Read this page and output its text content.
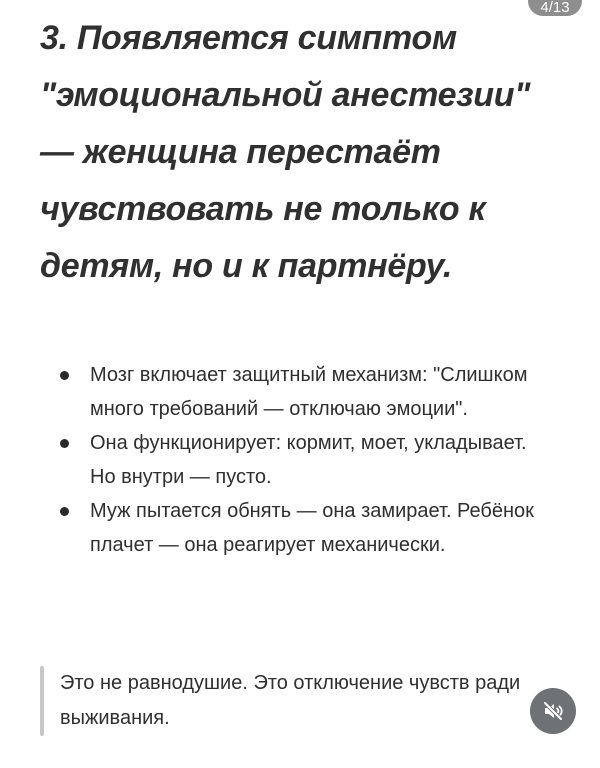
4/13
3. Появляется симптом "эмоциональной анестезии" — женщина перестаёт чувствовать не только к детям, но и к партнёру.
Мозг включает защитный механизм: "Слишком много требований — отключаю эмоции".
Она функционирует: кормит, моет, укладывает. Но внутри — пусто.
Муж пытается обнять — она замирает. Ребёнок плачет — она реагирует механически.

Это не равнодушие. Это отключение чувств ради выживания.
